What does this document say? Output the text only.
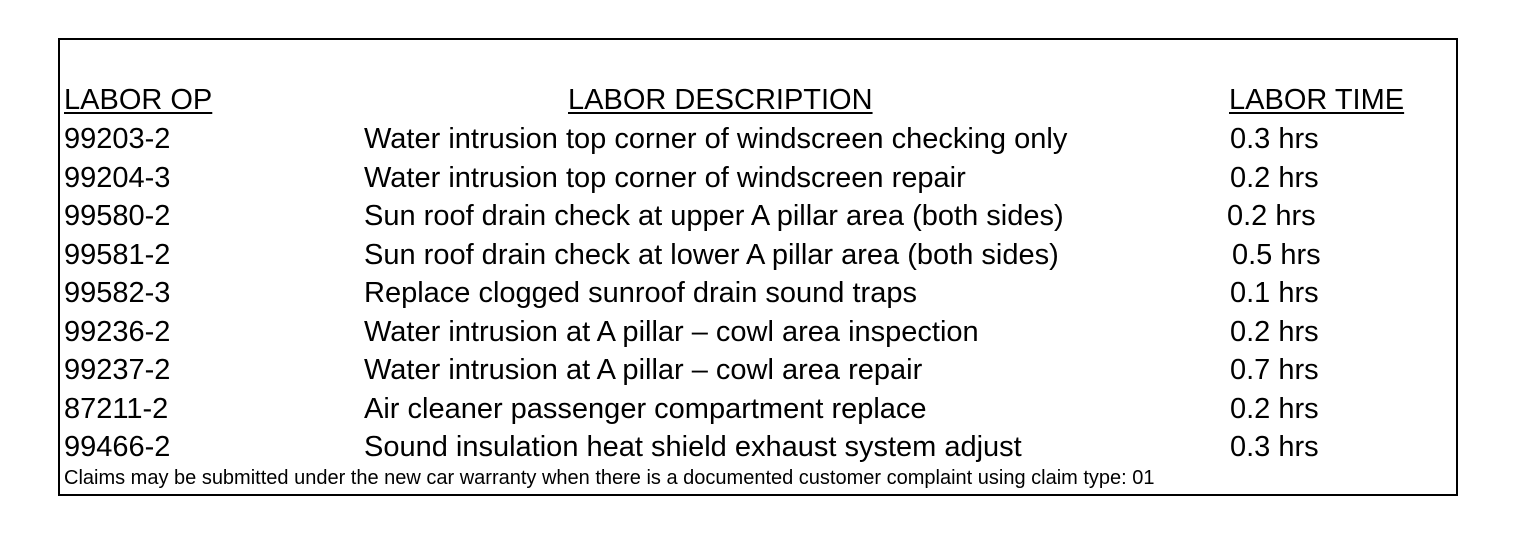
LABOR OP	LABOR DESCRIPTION	LABOR TIME
99203-2	Water intrusion top corner of windscreen checking only	0.3 hrs
99204-3	Water intrusion top corner of windscreen repair	0.2 hrs
99580-2	Sun roof drain check at upper A pillar area (both sides)	0.2 hrs
99581-2	Sun roof drain check at lower A pillar area (both sides)	0.5 hrs
99582-3	Replace clogged sunroof drain sound traps	0.1 hrs
99236-2	Water intrusion at A pillar – cowl area inspection	0.2 hrs
99237-2	Water intrusion at A pillar – cowl area repair	0.7 hrs
87211-2	Air cleaner passenger compartment replace	0.2 hrs
99466-2	Sound insulation heat shield exhaust system adjust	0.3 hrs
Claims may be submitted under the new car warranty when there is a documented customer complaint using claim type: 01
